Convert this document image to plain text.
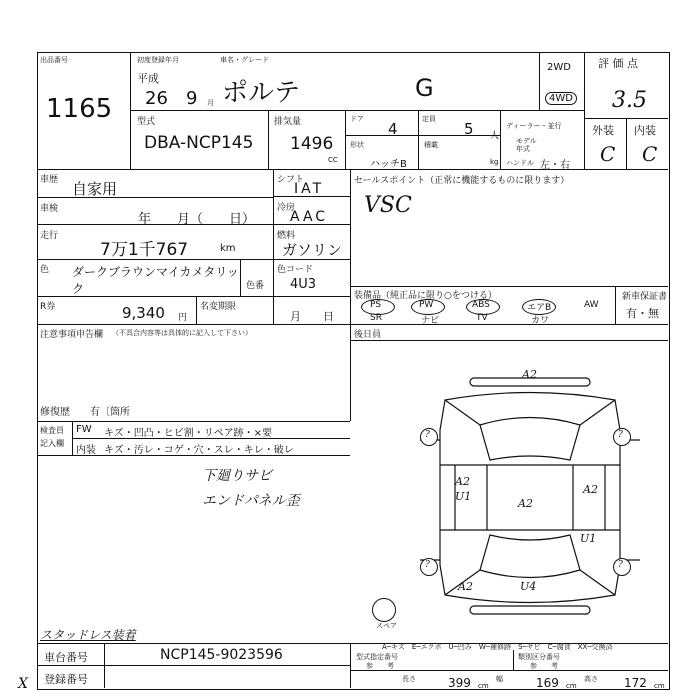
出品番号
1165
初度登録年月
平成
26 9 月
車名・グレード
ポルテ	G
2WD
4WD
評 価 点
3.5
型式
DBA-NCP145
排気量
1496
CC
ドア
4
定員
5 人
ディーラー・並行
モデル年式
形状
ハッチB
積載
kg ハンドル 左・右
外装 内装
C C
車歴 自家用
車検
年　　月（　　日）
走行
7万1千767	km
色 ダークブラウンマイカメタリック	色番
色コード
4U3
シフト
IAT
冷房
AAC
燃料
ガソリン
R券	9,340 円
名変期限
月　　日
セールスポイント（正常に機能するものに限ります）
VSC
装備品（純正品に限り○をつける）	新車保証書
有・無
PS	PW	ABS	エアB	AW
SR	ナビ	TV	カワ
後日員
注意事項申告欄 （不具合内容等は具体的に記入して下さい）
修復歴 有〔箇所
検査員
記入欄
FW キズ・凹凸・ヒビ割・リペア跡・×要
内装 キズ・汚レ・コゲ・穴・スレ・キレ・破レ
下廻りサビ
エンドパネル歪
スタッドレス装着
?	?
?	?
A2
A2
U1
A2
A2
U1
A2	U4
スペア
A─キズ　E─エクボ　U─凹み　W─補修跡　S─サビ　C─腐食　XX─交換済
車台番号	NCP145-9023596
登録番号
型式指定番号
参　　考
類別区分番号
参　　考
長さ	399 cm
幅	169 cm
高さ 172 cm
X
